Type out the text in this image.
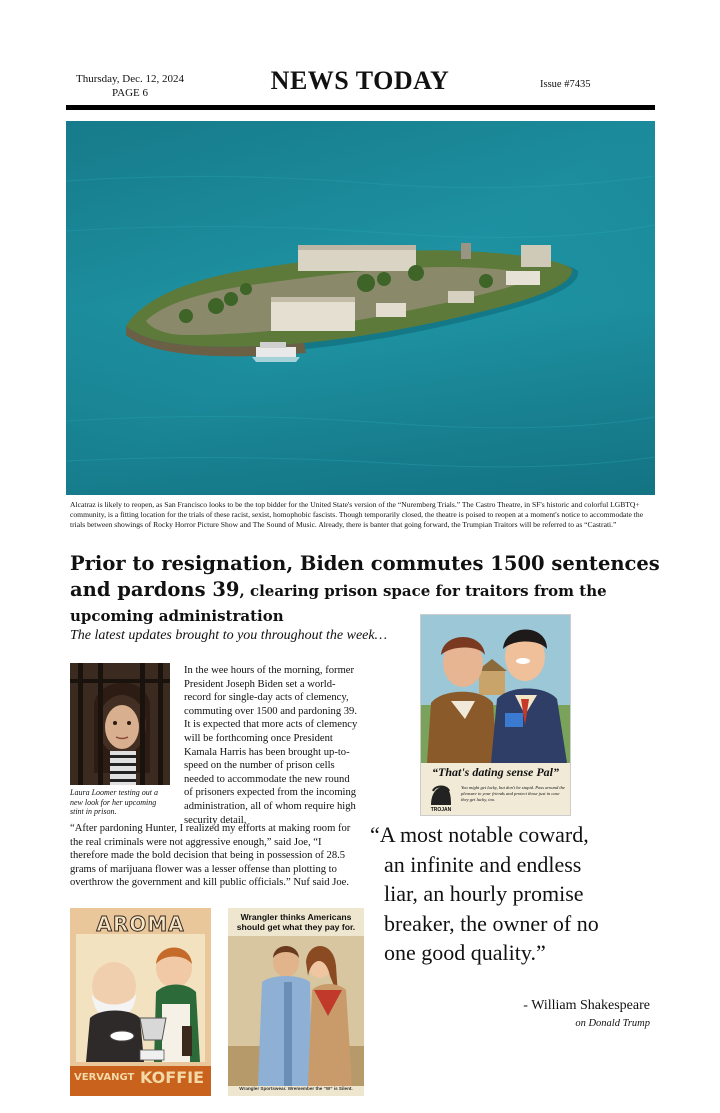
Thursday, Dec. 12, 2024
PAGE 6	NEWS TODAY	Issue #7435
Alcatraz is likely to reopen, as San Francisco looks to be the top bidder for the United State's version of the “Nuremberg Trials.” The Castro Theatre, in SF's historic and colorful LGBTQ+ community, is a fitting location for the trials of these racist, sexist, homophobic fascists. Though temporarily closed, the theatre is poised to reopen at a moment's notice to accommodate the trials between showings of Rocky Horror Picture Show and The Sound of Music. Already, there is banter that going forward, the Trumpian Traitors will be referred to as “Castrati.”
Prior to resignation, Biden commutes 1500 sentences and pardons 39, clearing prison space for traitors from the upcoming administration
The latest updates brought to you throughout the week…
Laura Loomer testing out a new look for her upcoming stint in prison.
In the wee hours of the morning, former President Joseph Biden set a world-record for single-day acts of clemency, commuting over 1500 and pardoning 39. It is expected that more acts of clemency will be forthcoming once President Kamala Harris has been brought up-to-speed on the number of prison cells needed to accommodate the new round of prisoners expected from the incoming administration, all of whom require high security detail.
“After pardoning Hunter, I realized my efforts at making room for the real criminals were not aggressive enough,” said Joe, “I therefore made the bold decision that being in possession of 28.5 grams of marijuana flower was a lesser offense than plotting to overthrow the government and kill public officials.” Nuf said Joe.
“That's dating sense Pal”
TROJAN
You might get lucky, but don't be stupid. Pass around the pleasure to your friends and protect those just in case they get lucky, too.
“A most notable coward,
an infinite and endless
liar, an hourly promise
breaker, the owner of no
one good quality.”
- William Shakespeare
on Donald Trump
AROMA
VERVANGT KOFFIE
Wrangler thinks Americans should get what they pay for.
Wrangler Sportswear. Wremember the “W” is Silent.
